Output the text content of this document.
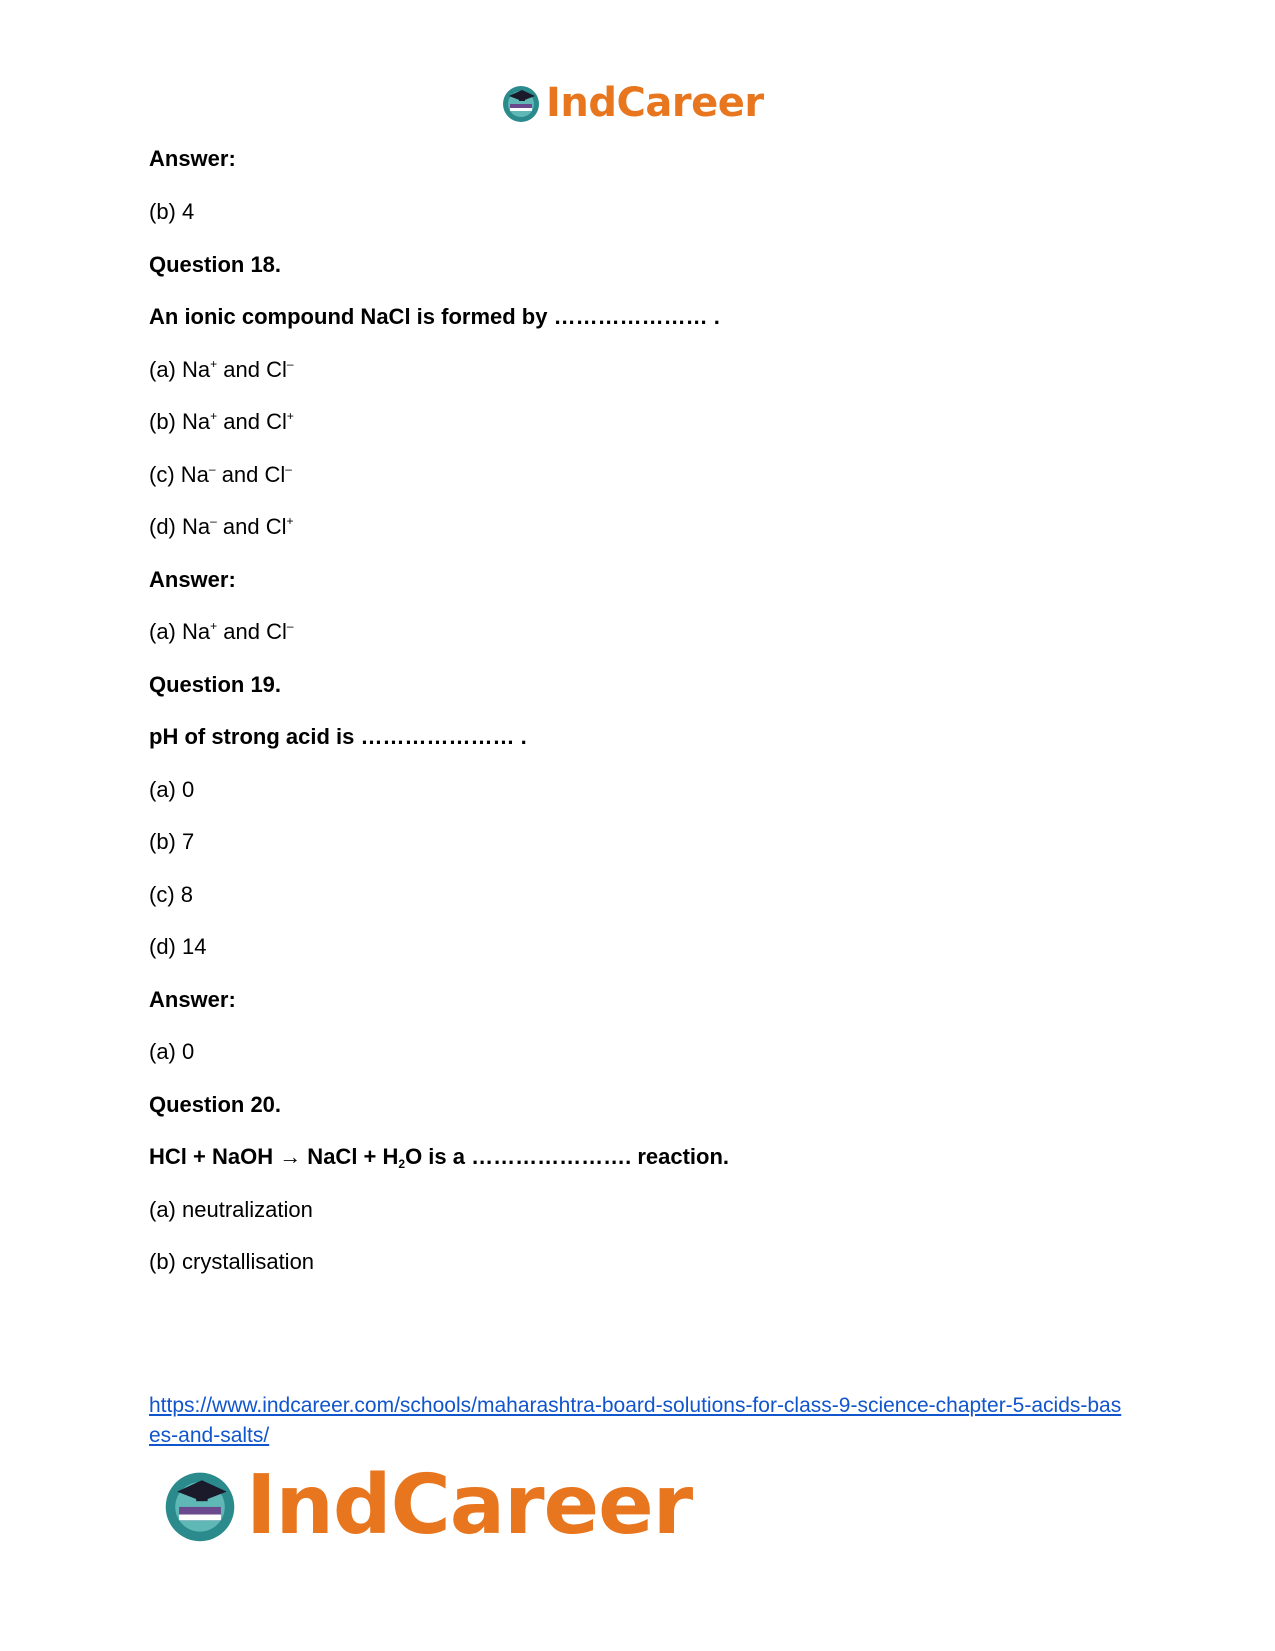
IndCareer
Answer:
(b) 4
Question 18.
An ionic compound NaCl is formed by ………………… .
(a) Na+ and Cl–
(b) Na+ and Cl+
(c) Na– and Cl–
(d) Na– and Cl+
Answer:
(a) Na+ and Cl–
Question 19.
pH of strong acid is ………………… .
(a) 0
(b) 7
(c) 8
(d) 14
Answer:
(a) 0
Question 20.
HCl + NaOH → NaCl + $H_2O$ is a …………………. reaction.
(a) neutralization
(b) crystallisation
https://www.indcareer.com/schools/maharashtra-board-solutions-for-class-9-science-chapter-5-acids-bases-and-salts/
IndCareer
